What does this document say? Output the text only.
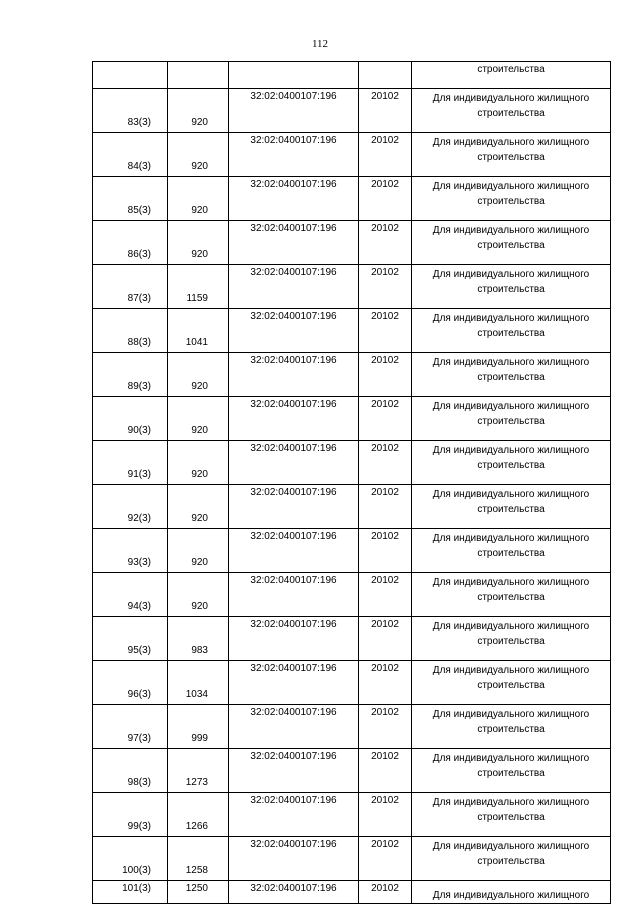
112
				строительства
83(3)	920	32:02:0400107:196	20102	Для индивидуального жилищного строительства
84(3)	920	32:02:0400107:196	20102	Для индивидуального жилищного строительства
85(3)	920	32:02:0400107:196	20102	Для индивидуального жилищного строительства
86(3)	920	32:02:0400107:196	20102	Для индивидуального жилищного строительства
87(3)	1159	32:02:0400107:196	20102	Для индивидуального жилищного строительства
88(3)	1041	32:02:0400107:196	20102	Для индивидуального жилищного строительства
89(3)	920	32:02:0400107:196	20102	Для индивидуального жилищного строительства
90(3)	920	32:02:0400107:196	20102	Для индивидуального жилищного строительства
91(3)	920	32:02:0400107:196	20102	Для индивидуального жилищного строительства
92(3)	920	32:02:0400107:196	20102	Для индивидуального жилищного строительства
93(3)	920	32:02:0400107:196	20102	Для индивидуального жилищного строительства
94(3)	920	32:02:0400107:196	20102	Для индивидуального жилищного строительства
95(3)	983	32:02:0400107:196	20102	Для индивидуального жилищного строительства
96(3)	1034	32:02:0400107:196	20102	Для индивидуального жилищного строительства
97(3)	999	32:02:0400107:196	20102	Для индивидуального жилищного строительства
98(3)	1273	32:02:0400107:196	20102	Для индивидуального жилищного строительства
99(3)	1266	32:02:0400107:196	20102	Для индивидуального жилищного строительства
100(3)	1258	32:02:0400107:196	20102	Для индивидуального жилищного строительства
101(3)	1250	32:02:0400107:196	20102	Для индивидуального жилищного
